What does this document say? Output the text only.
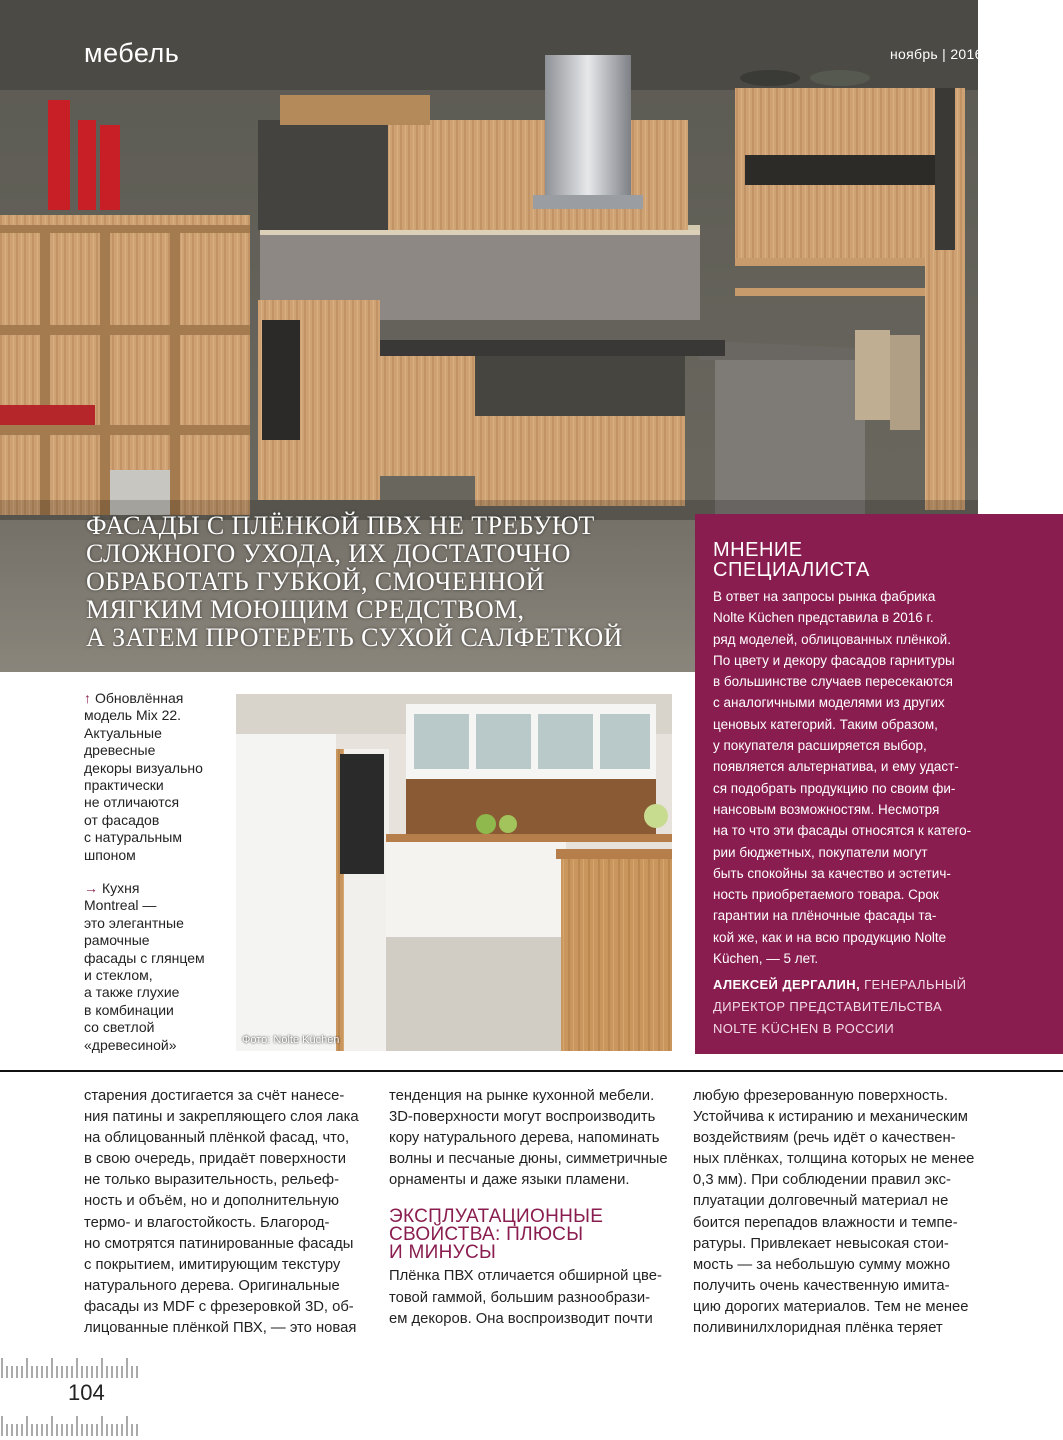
мебель	ноябрь | 2016
ФАСАДЫ С ПЛЁНКОЙ ПВХ НЕ ТРЕБУЮТ
СЛОЖНОГО УХОДА, ИХ ДОСТАТОЧНО
ОБРАБОТАТЬ ГУБКОЙ, СМОЧЕННОЙ
МЯГКИМ МОЮЩИМ СРЕДСТВОМ,
А ЗАТЕМ ПРОТЕРЕТЬ СУХОЙ САЛФЕТКОЙ
МНЕНИЕ
СПЕЦИАЛИСТА
В ответ на запросы рынка фабрика
Nolte Küchen представила в 2016 г.
ряд моделей, облицованных плёнкой.
По цвету и декору фасадов гарнитуры
в большинстве случаев пересекаются
с аналогичными моделями из других
ценовых категорий. Таким образом,
у покупателя расширяется выбор,
появляется альтернатива, и ему удаст-
ся подобрать продукцию по своим фи-
нансовым возможностям. Несмотря
на то что эти фасады относятся к катего-
рии бюджетных, покупатели могут
быть спокойны за качество и эстетич-
ность приобретаемого товара. Срок
гарантии на плёночные фасады та-
кой же, как и на всю продукцию Nolte
Küchen, — 5 лет.
АЛЕКСЕЙ ДЕРГАЛИН, ГЕНЕРАЛЬНЫЙ
ДИРЕКТОР ПРЕДСТАВИТЕЛЬСТВА
NOLTE KÜCHEN В РОССИИ
↑ Обновлённая
модель Mix 22.
Актуальные
древесные
декоры визуально
практически
не отличаются
от фасадов
с натуральным
шпоном
→ Кухня
Montreal —
это элегантные
рамочные
фасады с глянцем
и стеклом,
а также глухие
в комбинации
со светлой
«древесиной»	Фото: Nolte Küchen
старения достигается за счёт нанесе-
ния патины и закрепляющего слоя лака
на облицованный плёнкой фасад, что,
в свою очередь, придаёт поверхности
не только выразительность, рельеф-
ность и объём, но и дополнительную
термо- и влагостойкость. Благород-
но смотрятся патинированные фасады
с покрытием, имитирующим текстуру
натурального дерева. Оригинальные
фасады из MDF с фрезеровкой 3D, об-
лицованные плёнкой ПВХ, — это новая
тенденция на рынке кухонной мебели.
3D-поверхности могут воспроизводить
кору натурального дерева, напоминать
волны и песчаные дюны, симметричные
орнаменты и даже языки пламени.
ЭКСПЛУАТАЦИОННЫЕ
СВОЙСТВА: ПЛЮСЫ
И МИНУСЫ
Плёнка ПВХ отличается обширной цве-
товой гаммой, большим разнообрази-
ем декоров. Она воспроизводит почти
любую фрезерованную поверхность.
Устойчива к истиранию и механическим
воздействиям (речь идёт о качествен-
ных плёнках, толщина которых не менее
0,3 мм). При соблюдении правил экс-
плуатации долговечный материал не
боится перепадов влажности и темпе-
ратуры. Привлекает невысокая стои-
мость — за небольшую сумму можно
получить очень качественную имита-
цию дорогих материалов. Тем не менее
поливинилхлоридная плёнка теряет
104
